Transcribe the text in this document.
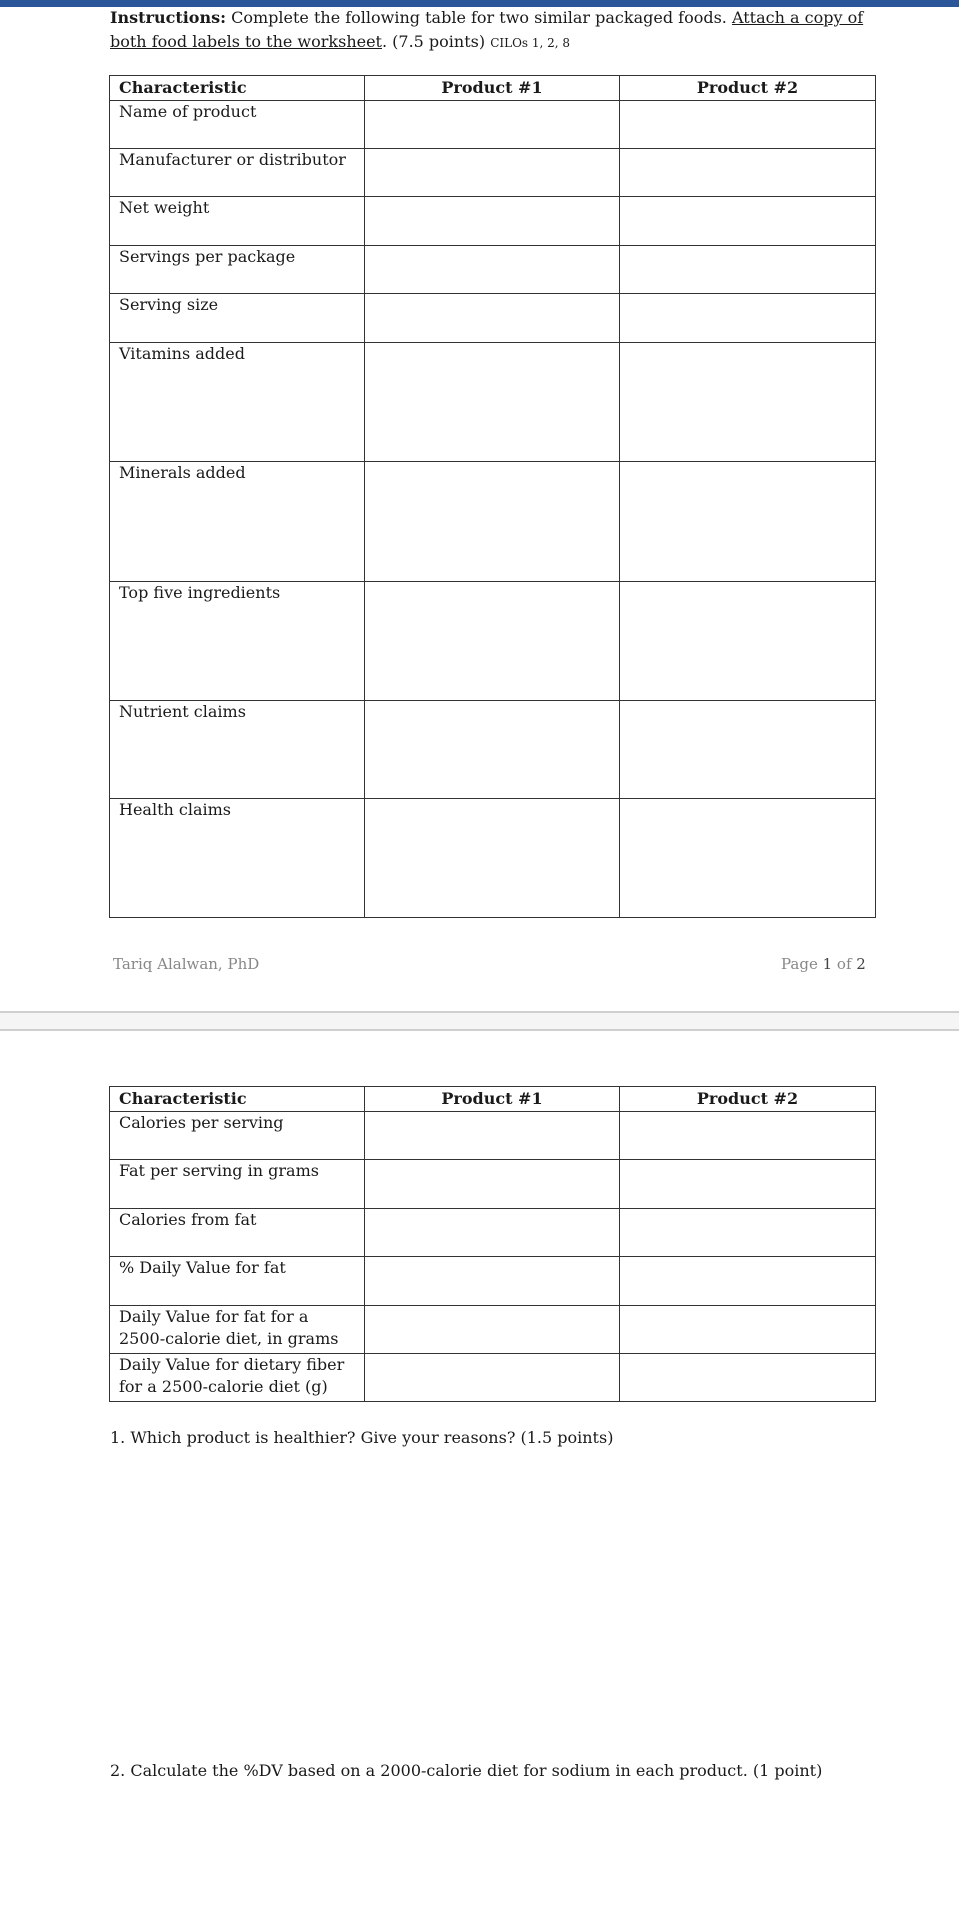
Instructions: Complete the following table for two similar packaged foods. Attach a copy of both food labels to the worksheet. (7.5 points) CILOs 1, 2, 8
Characteristic	Product #1	Product #2
Name of product		
Manufacturer or distributor		
Net weight		
Servings per package		
Serving size		
Vitamins added		
Minerals added		
Top five ingredients		
Nutrient claims		
Health claims		
Tariq Alalwan, PhD	Page 1 of 2
Characteristic	Product #1	Product #2
Calories per serving		
Fat per serving in grams		
Calories from fat		
% Daily Value for fat		
Daily Value for fat for a 2500-calorie diet, in grams		
Daily Value for dietary fiber for a 2500-calorie diet (g)		
1. Which product is healthier? Give your reasons? (1.5 points)
2. Calculate the %DV based on a 2000-calorie diet for sodium in each product. (1 point)
